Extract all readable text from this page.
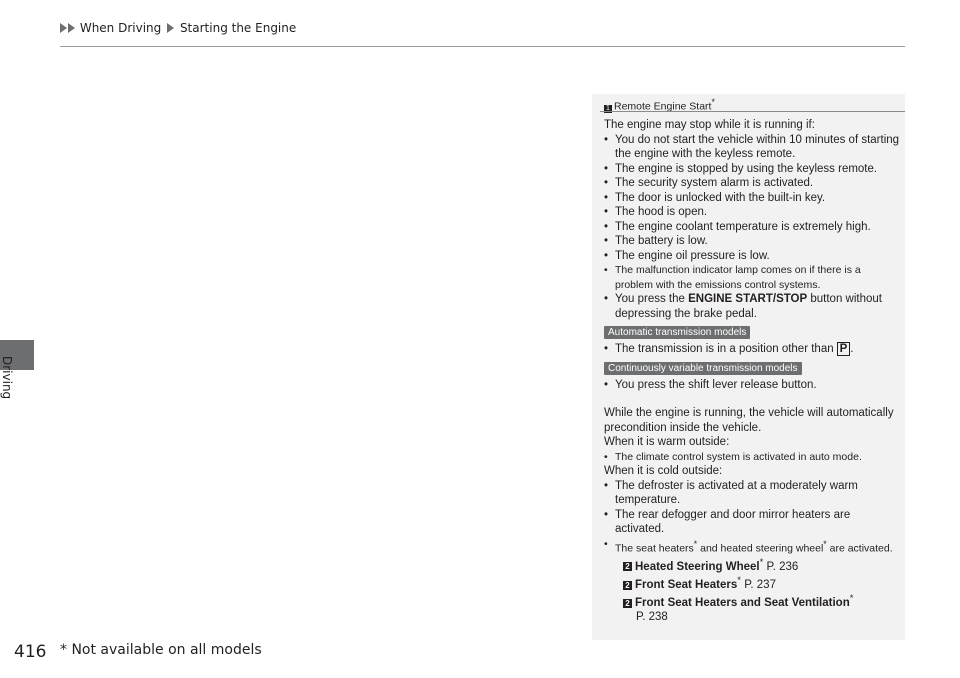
When Driving Starting the Engine
Driving
1 Remote Engine Start*

The engine may stop while it is running if:

• You do not start the vehicle within 10 minutes of starting the engine with the keyless remote.

• The engine is stopped by using the keyless remote.

• The security system alarm is activated.

• The door is unlocked with the built-in key.

• The hood is open.

• The engine coolant temperature is extremely high.

• The battery is low.

• The engine oil pressure is low.

• The malfunction indicator lamp comes on if there is a problem with the emissions control systems.

• You press the ENGINE START/STOP button without depressing the brake pedal.

Automatic transmission models

• The transmission is in a position other than P .

Continuously variable transmission models

• You press the shift lever release button.

While the engine is running, the vehicle will automatically precondition inside the vehicle.

When it is warm outside:

• The climate control system is activated in auto mode.

When it is cold outside:

• The defroster is activated at a moderately warm temperature.

• The rear defogger and door mirror heaters are activated.

• The seat heaters* and heated steering wheel* are activated.

2 Heated Steering Wheel* P. 236

2 Front Seat Heaters* P. 237

2 Front Seat Heaters and Seat Ventilation*

P. 238

416 * Not available on all models
